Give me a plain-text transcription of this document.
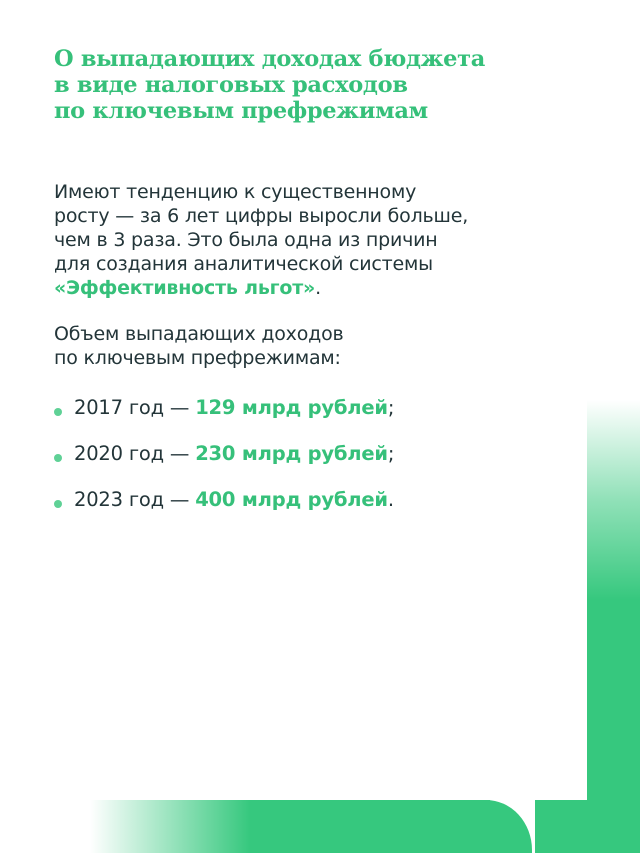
О выпадающих доходах бюджета
в виде налоговых расходов
по ключевым префрежимам
Имеют тенденцию к существенному
росту — за 6 лет цифры выросли больше,
чем в 3 раза. Это была одна из причин
для создания аналитической системы
«Эффективность льгот».
Объем выпадающих доходов
по ключевым префрежимам:
2017 год — 129 млрд рублей;
2020 год — 230 млрд рублей;
2023 год — 400 млрд рублей.
